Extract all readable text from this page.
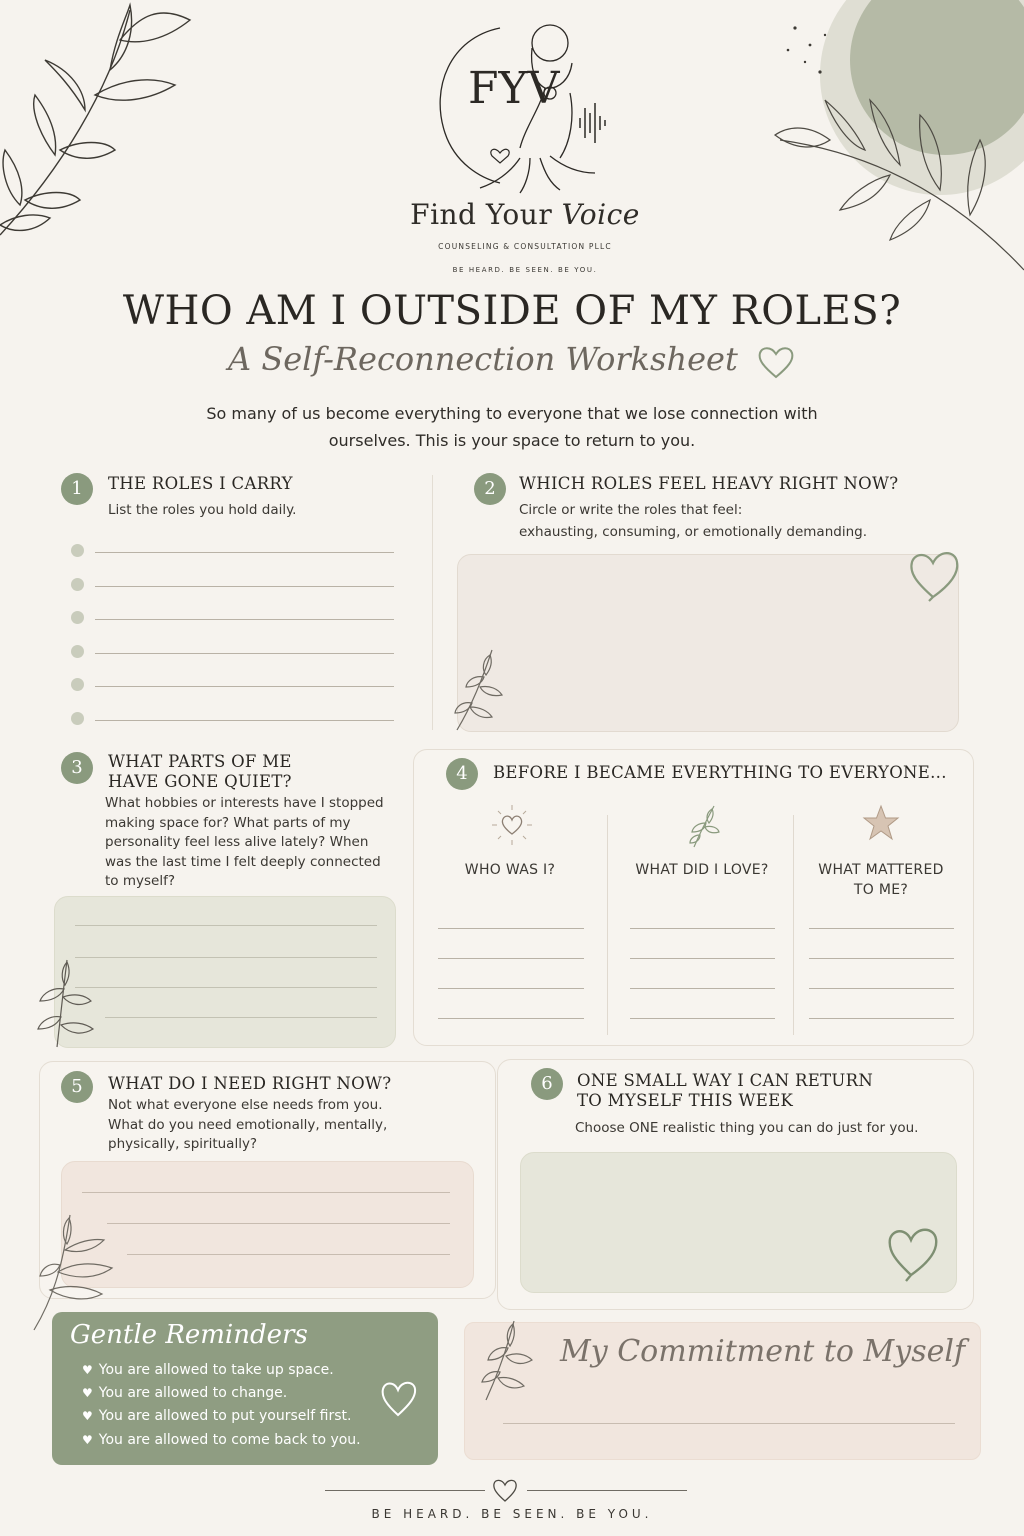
FYV
Find Your Voice
COUNSELING & CONSULTATION PLLC
BE HEARD. BE SEEN. BE YOU.
WHO AM I OUTSIDE OF MY ROLES?
A Self-Reconnection Worksheet
So many of us become everything to everyone that we lose connection with ourselves. This is your space to return to you.
1	THE ROLES I CARRY
List the roles you hold daily.
2	WHICH ROLES FEEL HEAVY RIGHT NOW?
Circle or write the roles that feel:
exhausting, consuming, or emotionally demanding.
3	WHAT PARTS OF ME
HAVE GONE QUIET?
What hobbies or interests have I stopped making space for? What parts of my personality feel less alive lately? When was the last time I felt deeply connected to myself?
4	BEFORE I BECAME EVERYTHING TO EVERYONE...
WHO WAS I?	WHAT DID I LOVE?	WHAT MATTERED TO ME?
5	WHAT DO I NEED RIGHT NOW?
Not what everyone else needs from you. What do you need emotionally, mentally, physically, spiritually?
6	ONE SMALL WAY I CAN RETURN
TO MYSELF THIS WEEK
Choose ONE realistic thing you can do just for you.
Gentle Reminders
♥ You are allowed to take up space.
♥ You are allowed to change.
♥ You are allowed to put yourself first.
♥ You are allowed to come back to you.
My Commitment to Myself
BE HEARD. BE SEEN. BE YOU.
